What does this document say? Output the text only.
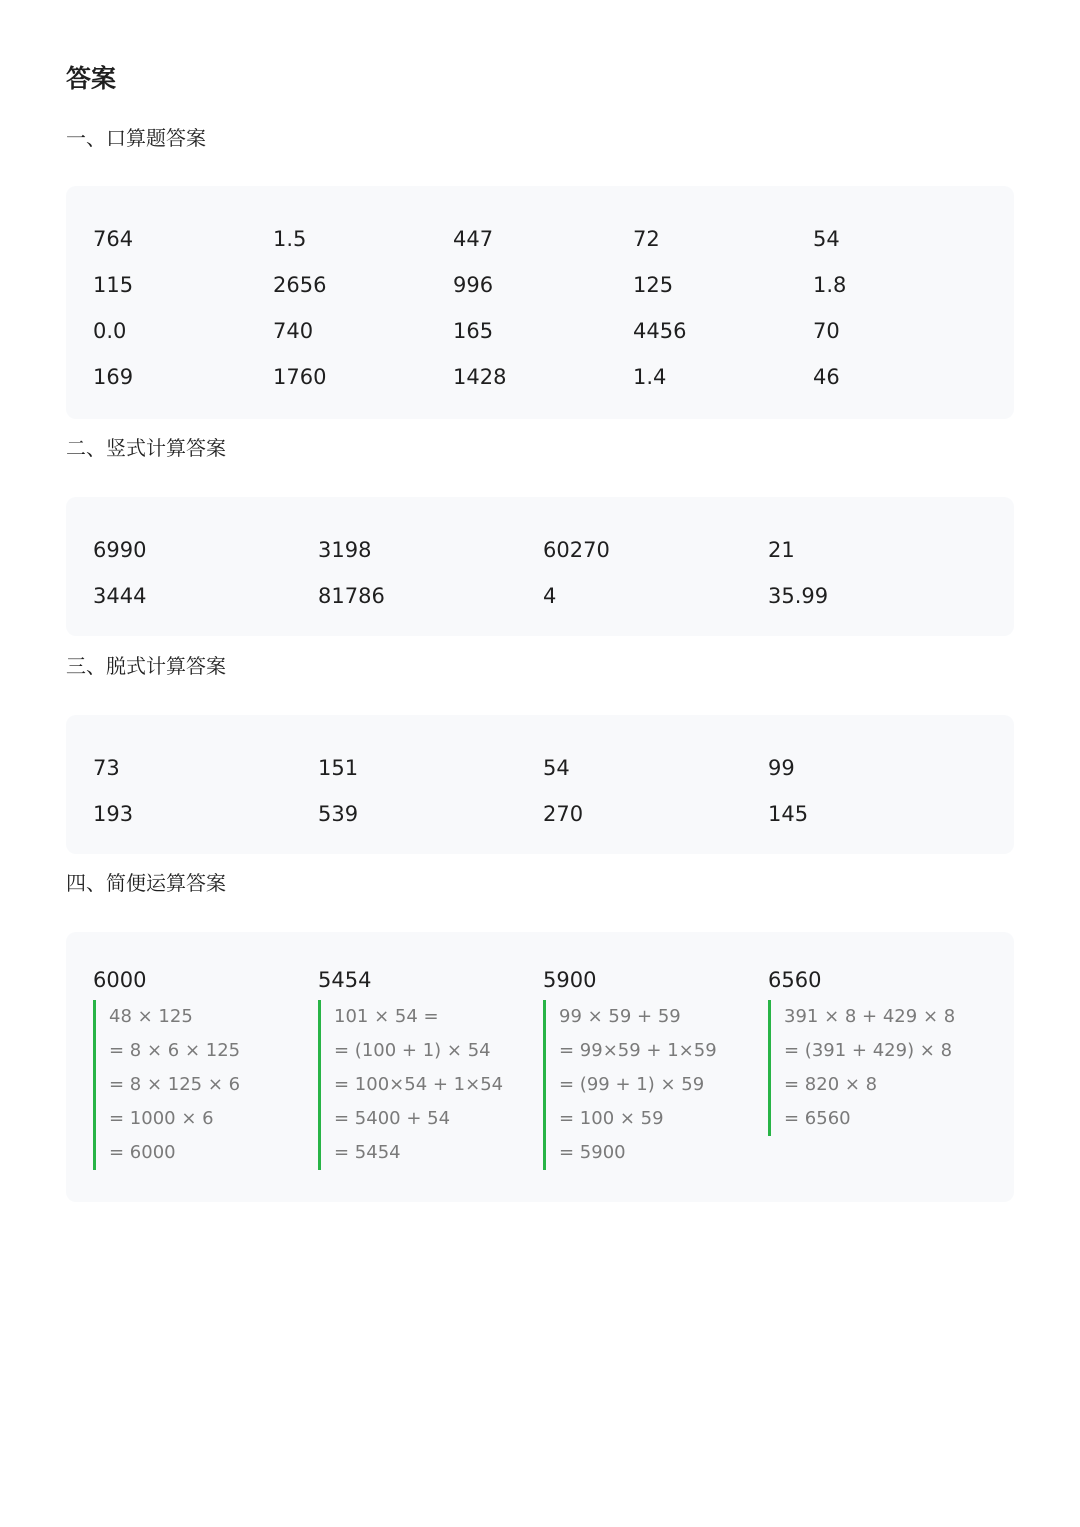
答案
一、口算题答案
764	1.5	447	72	54
115	2656	996	125	1.8
0.0	740	165	4456	70
169	1760	1428	1.4	46
二、竖式计算答案
6990	3198	60270	21
3444	81786	4	35.99
三、脱式计算答案
73	151	54	99
193	539	270	145
四、简便运算答案
6000
48 × 125
= 8 × 6 × 125
= 8 × 125 × 6
= 1000 × 6
= 6000
5454
101 × 54 =
= (100 + 1) × 54
= 100×54 + 1×54
= 5400 + 54
= 5454
5900
99 × 59 + 59
= 99×59 + 1×59
= (99 + 1) × 59
= 100 × 59
= 5900
6560
391 × 8 + 429 × 8
= (391 + 429) × 8
= 820 × 8
= 6560
